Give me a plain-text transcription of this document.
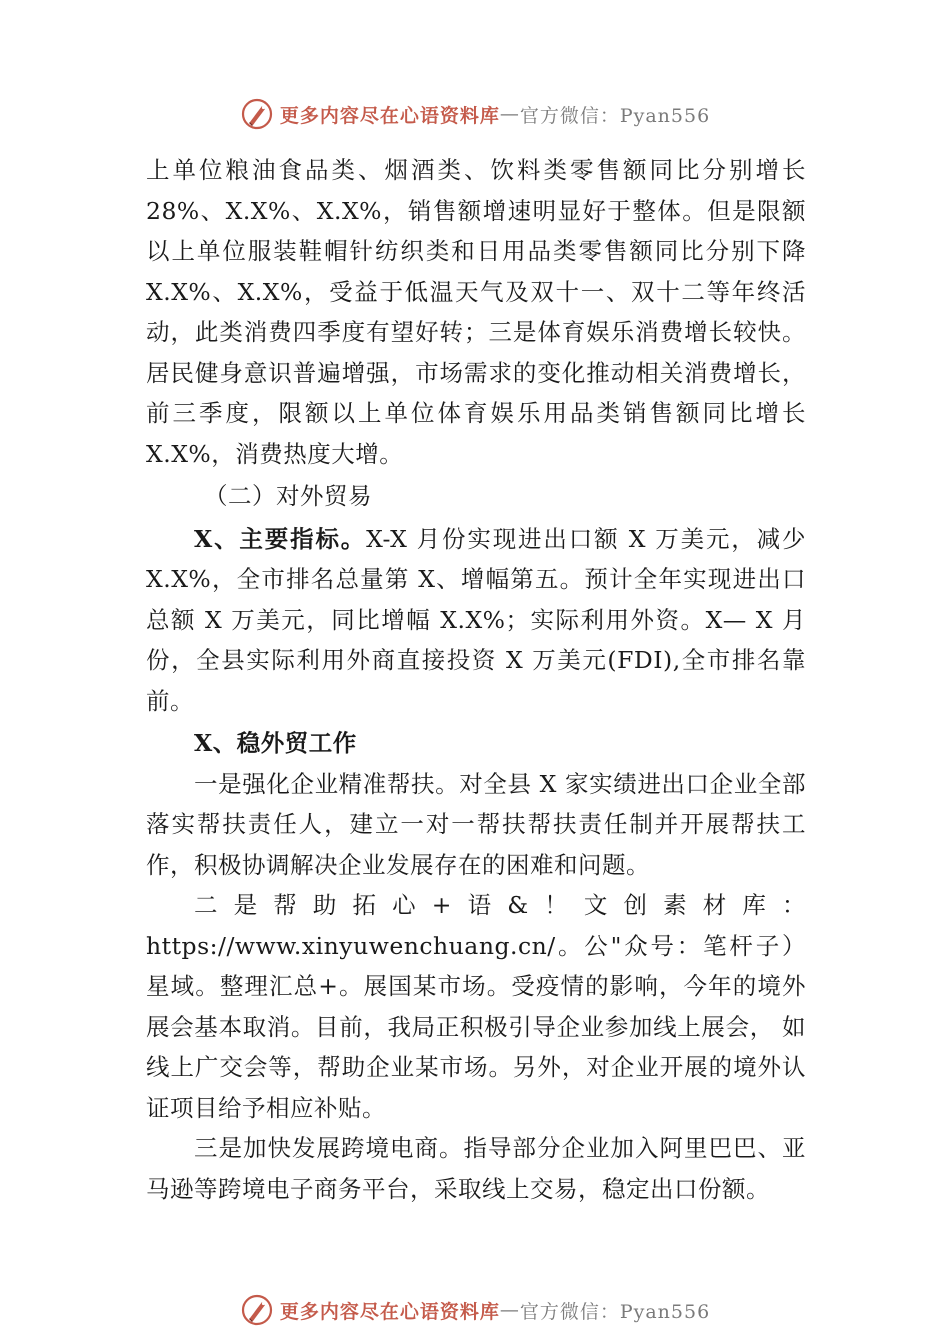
更多内容尽在心语资料库 — 官方微信：Pyan556

上单位粮油食品类、烟酒类、饮料类零售额同比分别增长28%、X.X%、X.X%，销售额增速明显好于整体。但是限额以上单位服装鞋帽针纺织类和日用品类零售额同比分别下降 X.X%、X.X%，受益于低温天气及双十一、双十二等年终活动，此类消费四季度有望好转；三是体育娱乐消费增长较快。居民健身意识普遍增强，市场需求的变化推动相关消费增长，前三季度，限额以上单位体育娱乐用品类销售额同比增长 X.X%，消费热度大增。

（二）对外贸易

X、主要指标。X-X 月份实现进出口额 X 万美元，减少 X.X%，全市排名总量第 X、增幅第五。预计全年实现进出口总额 X 万美元，同比增幅 X.X%；实际利用外资。X— X 月份，全县实际利用外商直接投资 X 万美元(FDI),全市排名靠前。

X、稳外贸工作

一是强化企业精准帮扶。对全县 X 家实绩进出口企业全部落实帮扶责任人，建立一对一帮扶帮扶责任制并开展帮扶工作，积极协调解决企业发展存在的困难和问题。

二是帮助拓心+语&！文创素材库：https://www.xinyuwenchuang.cn/。公"众号：笔杆子）星域。整理汇总+。展国某市场。受疫情的影响，今年的境外展会基本取消。目前，我局正积极引导企业参加线上展会， 如线上广交会等，帮助企业某市场。另外，对企业开展的境外认证项目给予相应补贴。

三是加快发展跨境电商。指导部分企业加入阿里巴巴、亚马逊等跨境电子商务平台，采取线上交易，稳定出口份额。

更多内容尽在心语资料库 — 官方微信：Pyan556
